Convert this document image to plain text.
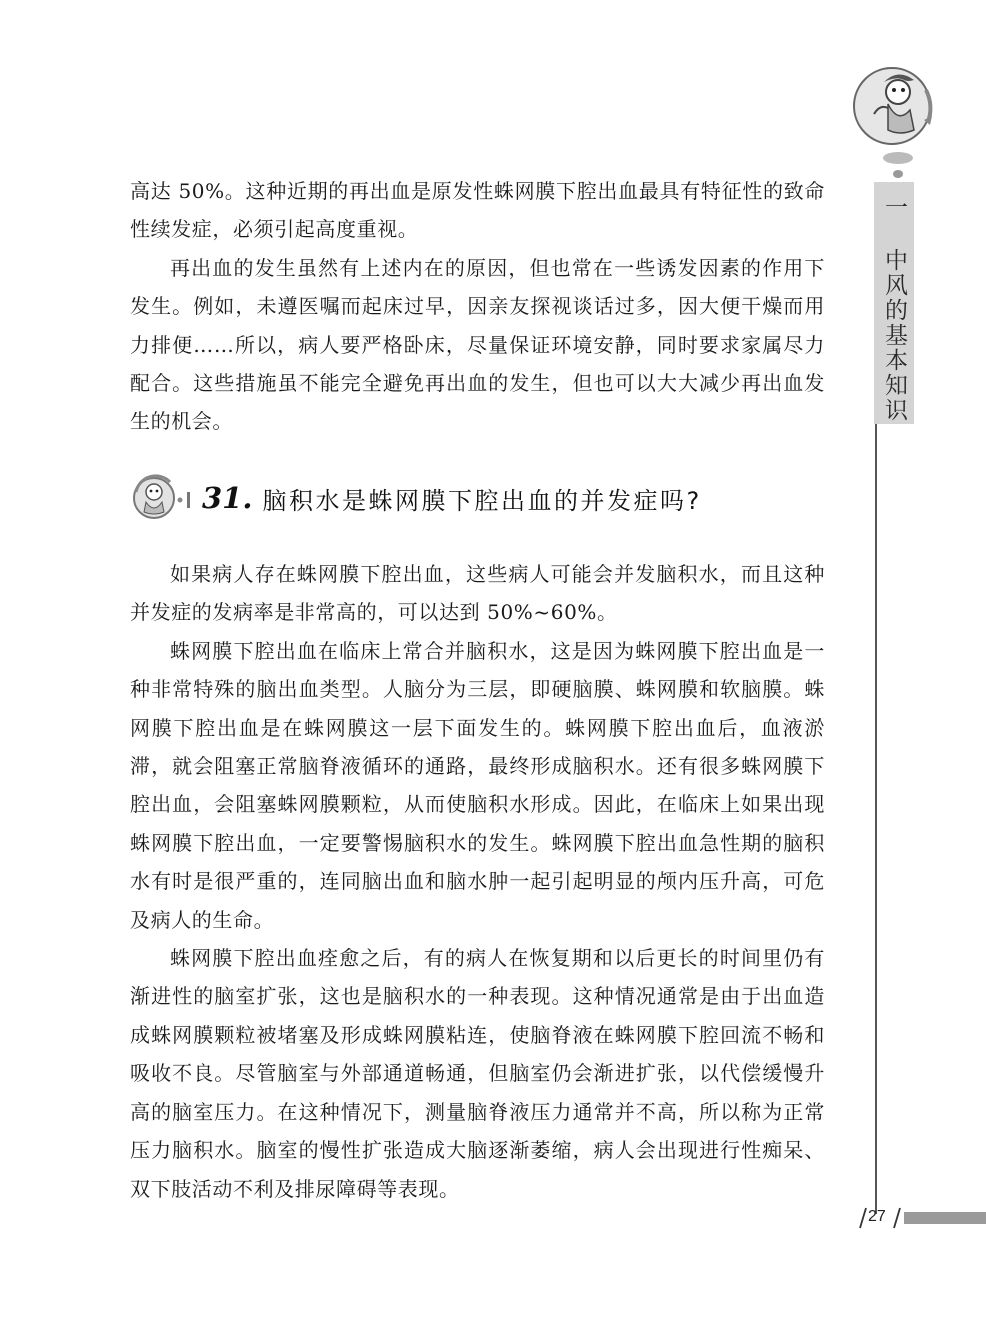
一 中风的基本知识

高达 50%。这种近期的再出血是原发性蛛网膜下腔出血最具有特征性的致命性续发症，必须引起高度重视。

再出血的发生虽然有上述内在的原因，但也常在一些诱发因素的作用下发生。例如，未遵医嘱而起床过早，因亲友探视谈话过多，因大便干燥而用力排便……所以，病人要严格卧床，尽量保证环境安静，同时要求家属尽力配合。这些措施虽不能完全避免再出血的发生，但也可以大大减少再出血发生的机会。

31. 脑积水是蛛网膜下腔出血的并发症吗?

如果病人存在蛛网膜下腔出血，这些病人可能会并发脑积水，而且这种并发症的发病率是非常高的，可以达到 50%~60%。

蛛网膜下腔出血在临床上常合并脑积水，这是因为蛛网膜下腔出血是一种非常特殊的脑出血类型。人脑分为三层，即硬脑膜、蛛网膜和软脑膜。蛛网膜下腔出血是在蛛网膜这一层下面发生的。蛛网膜下腔出血后，血液淤滞，就会阻塞正常脑脊液循环的通路，最终形成脑积水。还有很多蛛网膜下腔出血，会阻塞蛛网膜颗粒，从而使脑积水形成。因此，在临床上如果出现蛛网膜下腔出血，一定要警惕脑积水的发生。蛛网膜下腔出血急性期的脑积水有时是很严重的，连同脑出血和脑水肿一起引起明显的颅内压升高，可危及病人的生命。

蛛网膜下腔出血痊愈之后，有的病人在恢复期和以后更长的时间里仍有渐进性的脑室扩张，这也是脑积水的一种表现。这种情况通常是由于出血造成蛛网膜颗粒被堵塞及形成蛛网膜粘连，使脑脊液在蛛网膜下腔回流不畅和吸收不良。尽管脑室与外部通道畅通，但脑室仍会渐进扩张，以代偿缓慢升高的脑室压力。在这种情况下，测量脑脊液压力通常并不高，所以称为正常压力脑积水。脑室的慢性扩张造成大脑逐渐萎缩，病人会出现进行性痴呆、双下肢活动不利及排尿障碍等表现。

27
